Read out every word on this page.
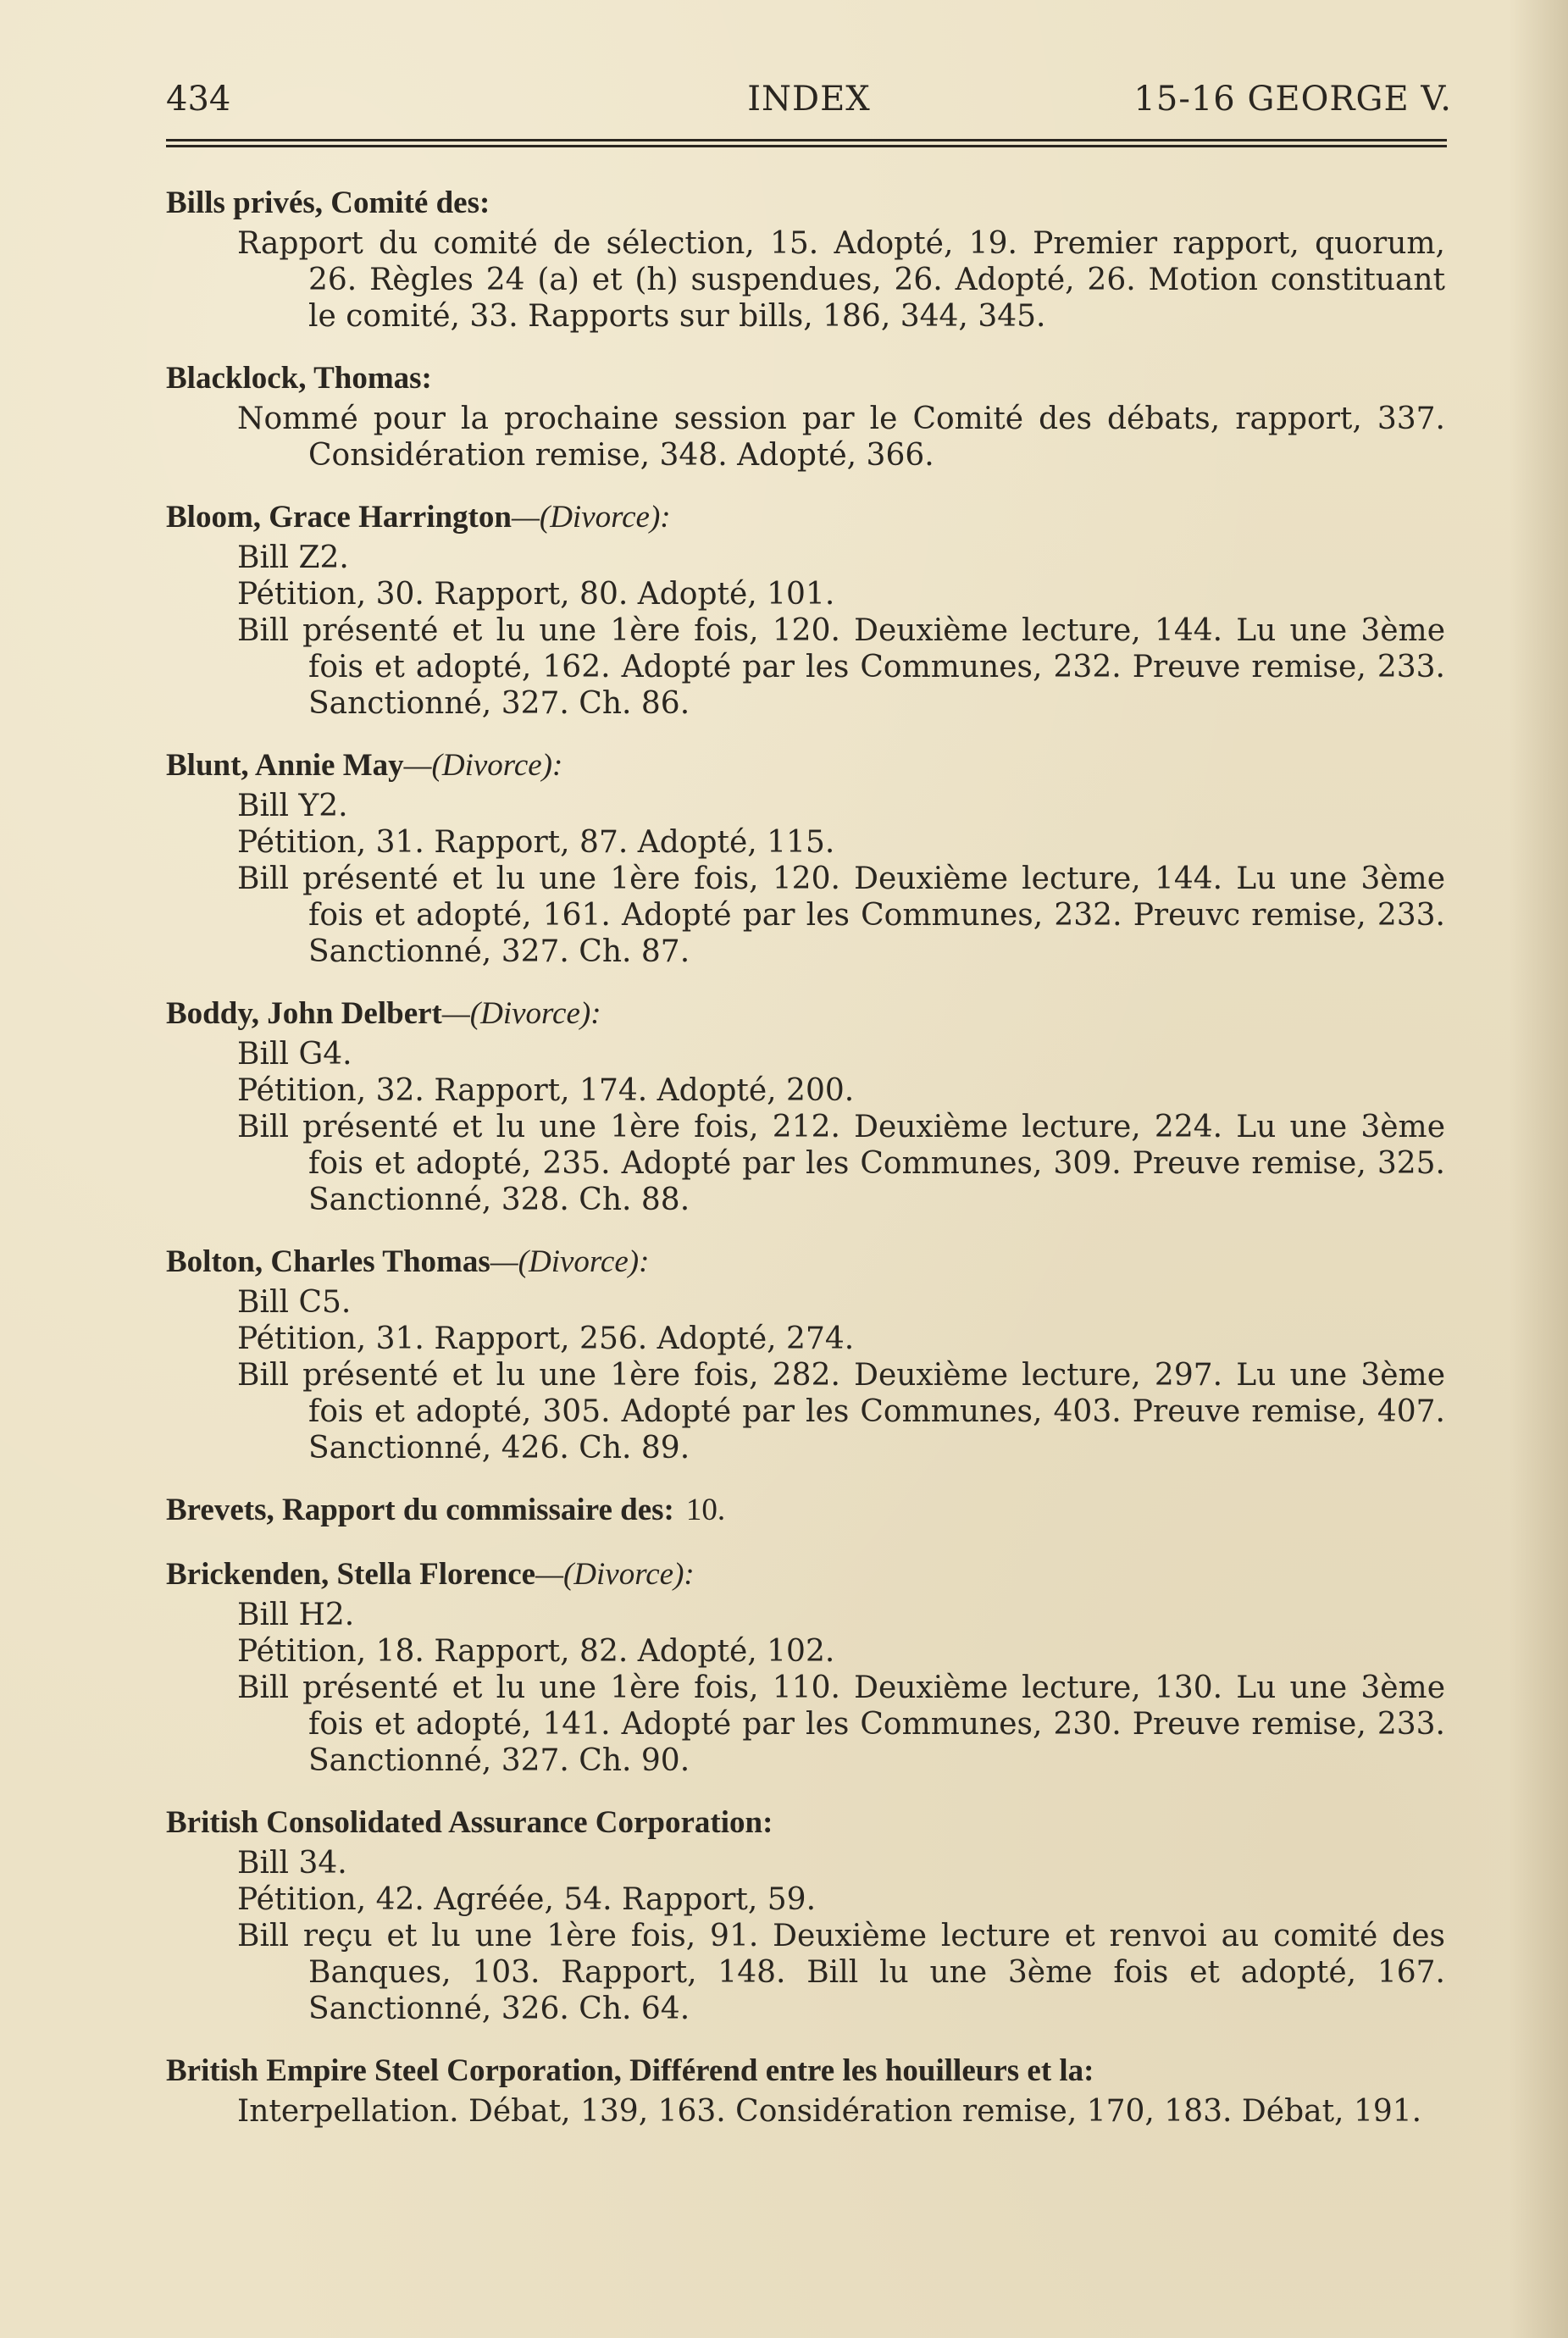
434	INDEX	15-16 GEORGE V.
Bills privés, Comité des:
Rapport du comité de sélection, 15. Adopté, 19. Premier rapport, quorum, 26. Règles 24 (a) et (h) suspendues, 26. Adopté, 26. Motion constituant le comité, 33. Rapports sur bills, 186, 344, 345.
Blacklock, Thomas:
Nommé pour la prochaine session par le Comité des débats, rapport, 337. Considération remise, 348. Adopté, 366.
Bloom, Grace Harrington—(Divorce):
Bill Z2.
Pétition, 30. Rapport, 80. Adopté, 101.
Bill présenté et lu une 1ère fois, 120. Deuxième lecture, 144. Lu une 3ème fois et adopté, 162. Adopté par les Communes, 232. Preuve remise, 233. Sanctionné, 327. Ch. 86.
Blunt, Annie May—(Divorce):
Bill Y2.
Pétition, 31. Rapport, 87. Adopté, 115.
Bill présenté et lu une 1ère fois, 120. Deuxième lecture, 144. Lu une 3ème fois et adopté, 161. Adopté par les Communes, 232. Preuvc remise, 233. Sanctionné, 327. Ch. 87.
Boddy, John Delbert—(Divorce):
Bill G4.
Pétition, 32. Rapport, 174. Adopté, 200.
Bill présenté et lu une 1ère fois, 212. Deuxième lecture, 224. Lu une 3ème fois et adopté, 235. Adopté par les Communes, 309. Preuve remise, 325. Sanctionné, 328. Ch. 88.
Bolton, Charles Thomas—(Divorce):
Bill C5.
Pétition, 31. Rapport, 256. Adopté, 274.
Bill présenté et lu une 1ère fois, 282. Deuxième lecture, 297. Lu une 3ème fois et adopté, 305. Adopté par les Communes, 403. Preuve remise, 407. Sanctionné, 426. Ch. 89.
Brevets, Rapport du commissaire des: 10.
Brickenden, Stella Florence—(Divorce):
Bill H2.
Pétition, 18. Rapport, 82. Adopté, 102.
Bill présenté et lu une 1ère fois, 110. Deuxième lecture, 130. Lu une 3ème fois et adopté, 141. Adopté par les Communes, 230. Preuve remise, 233. Sanctionné, 327. Ch. 90.
British Consolidated Assurance Corporation:
Bill 34.
Pétition, 42. Agréée, 54. Rapport, 59.
Bill reçu et lu une 1ère fois, 91. Deuxième lecture et renvoi au comité des Banques, 103. Rapport, 148. Bill lu une 3ème fois et adopté, 167. Sanctionné, 326. Ch. 64.
British Empire Steel Corporation, Différend entre les houilleurs et la:
Interpellation. Débat, 139, 163. Considération remise, 170, 183. Débat, 191.
